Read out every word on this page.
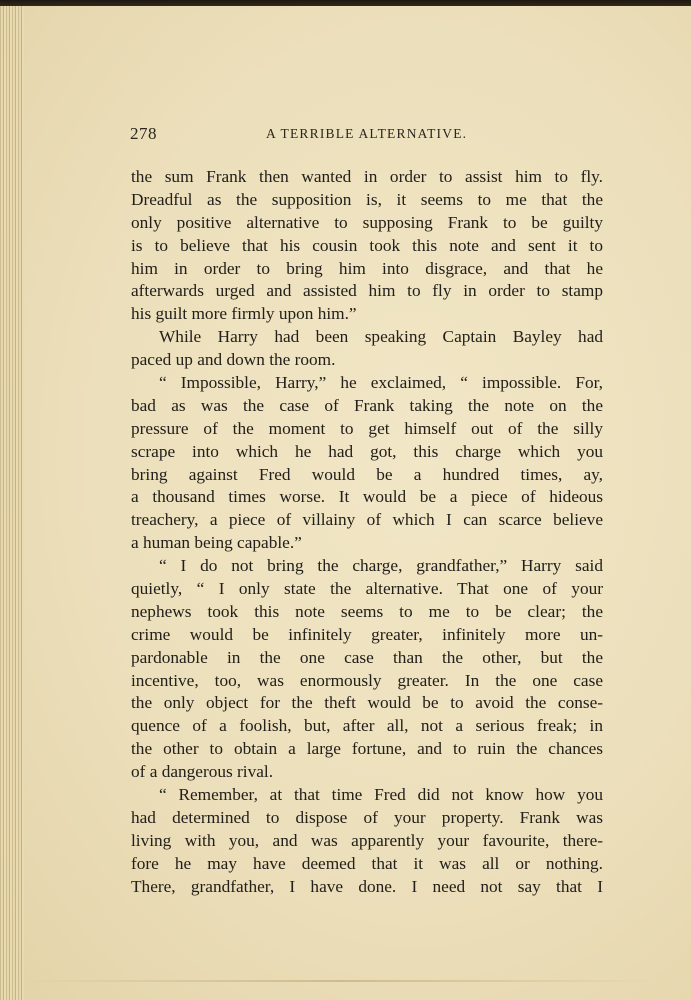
278	A TERRIBLE ALTERNATIVE.
the sum Frank then wanted in order to assist him to fly.
Dreadful as the supposition is, it seems to me that the
only positive alternative to supposing Frank to be guilty
is to believe that his cousin took this note and sent it to
him in order to bring him into disgrace, and that he
afterwards urged and assisted him to fly in order to stamp
his guilt more firmly upon him.”
While Harry had been speaking Captain Bayley had
paced up and down the room.
“ Impossible, Harry,” he exclaimed, “ impossible. For,
bad as was the case of Frank taking the note on the
pressure of the moment to get himself out of the silly
scrape into which he had got, this charge which you
bring against Fred would be a hundred times, ay,
a thousand times worse. It would be a piece of hideous
treachery, a piece of villainy of which I can scarce believe
a human being capable.”
“ I do not bring the charge, grandfather,” Harry said
quietly, “ I only state the alternative. That one of your
nephews took this note seems to me to be clear; the
crime would be infinitely greater, infinitely more un-
pardonable in the one case than the other, but the
incentive, too, was enormously greater. In the one case
the only object for the theft would be to avoid the conse-
quence of a foolish, but, after all, not a serious freak; in
the other to obtain a large fortune, and to ruin the chances
of a dangerous rival.
“ Remember, at that time Fred did not know how you
had determined to dispose of your property. Frank was
living with you, and was apparently your favourite, there-
fore he may have deemed that it was all or nothing.
There, grandfather, I have done. I need not say that I
